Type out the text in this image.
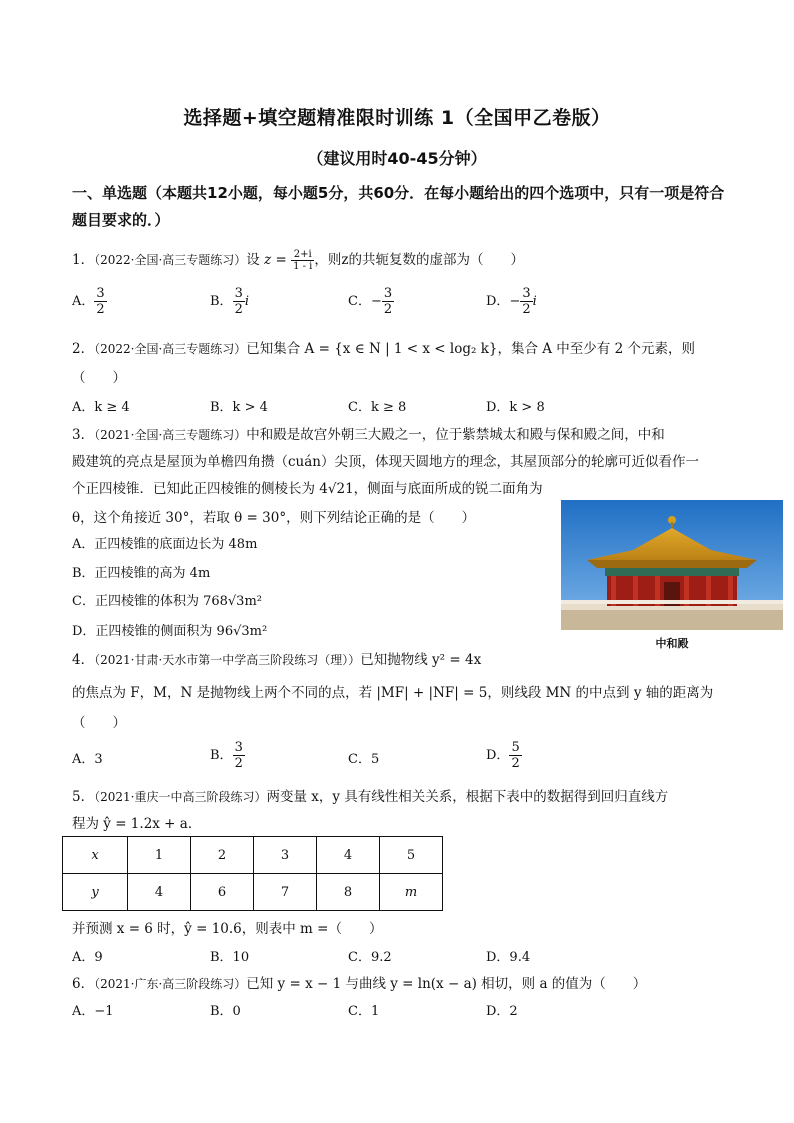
选择题+填空题精准限时训练 1（全国甲乙卷版）
（建议用时40-45分钟）
一、单选题（本题共12小题，每小题5分，共60分．在每小题给出的四个选项中，只有一项是符合题目要求的．）
1．（2022·全国·高三专题练习）设 $z = \frac{2+i}{1 - i}$ ，则z的共轭复数的虚部为（　　）
A． $\frac{3}{2}$	B． $\frac{3}{2}$ i	C．− $\frac{3}{2}$	D．− $\frac{3}{2}$ i
2．（2022·全国·高三专题练习）已知集合 A = {x ∈ N | 1 < x < log₂ k}，集合 A 中至少有 2 个元素，则
（　　）
A．k ≥ 4	B．k > 4	C．k ≥ 8	D．k > 8
3．（2021·全国·高三专题练习）中和殿是故宫外朝三大殿之一，位于紫禁城太和殿与保和殿之间，中和
殿建筑的亮点是屋顶为单檐四角攒（cuán）尖顶，体现天圆地方的理念，其屋顶部分的轮廓可近似看作一
个正四棱锥．已知此正四棱锥的侧棱长为 4√21，侧面与底面所成的锐二面角为
θ，这个角接近 30°，若取 θ = 30°，则下列结论正确的是（　　）
A．正四棱锥的底面边长为 48m
B．正四棱锥的高为 4m
C．正四棱锥的体积为 768√3m²
D．正四棱锥的侧面积为 96√3m²
中和殿
4．（2021·甘肃·天水市第一中学高三阶段练习（理））已知抛物线 y² = 4x
的焦点为 F，M，N 是抛物线上两个不同的点，若 |MF| + |NF| = 5，则线段 MN 的中点到 y 轴的距离为
（　　）
A．3	B． $\frac{3}{2}$	C．5	D． $\frac{5}{2}$
5．（2021·重庆一中高三阶段练习）两变量 x，y 具有线性相关关系，根据下表中的数据得到回归直线方
程为 ŷ = 1.2x + a．
x	1	2	3	4	5
y	4	6	7	8	m
并预测 x = 6 时，ŷ = 10.6，则表中 m =（　　）
A．9	B．10	C．9.2	D．9.4
6．（2021·广东·高三阶段练习）已知 y = x − 1 与曲线 y = ln(x − a) 相切，则 a 的值为（　　）
A．−1	B．0	C．1	D．2
